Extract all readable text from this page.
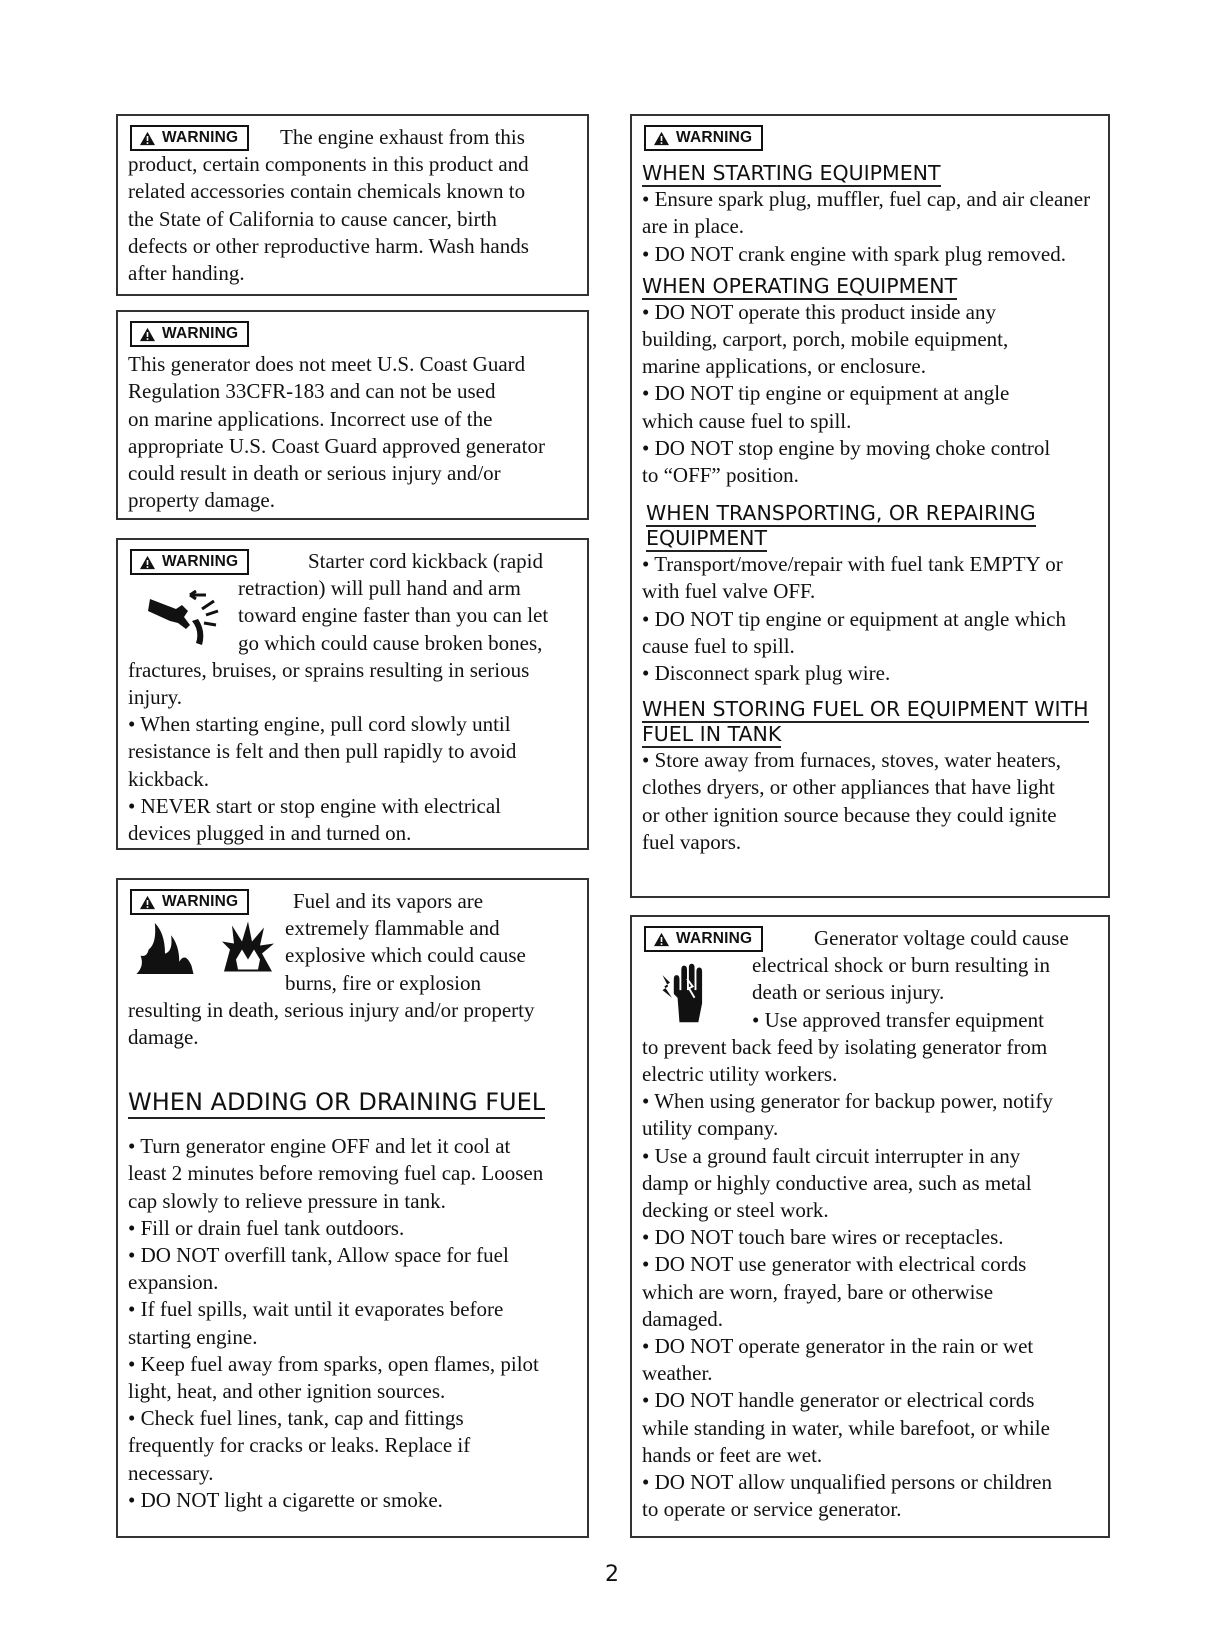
WARNING The engine exhaust from this
product, certain components in this product and
related accessories contain chemicals known to
the State of California to cause cancer, birth
defects or other reproductive harm. Wash hands
after handing.
WARNING
This generator does not meet U.S. Coast Guard
Regulation 33CFR-183 and can not be used
on marine applications. Incorrect use of the
appropriate U.S. Coast Guard approved generator
could result in death or serious injury and/or
property damage.
WARNING	Starter cord kickback (rapid
retraction) will pull hand and arm
toward engine faster than you can let
go which could cause broken bones,
fractures, bruises, or sprains resulting in serious
injury.
• When starting engine, pull cord slowly until
resistance is felt and then pull rapidly to avoid
kickback.
• NEVER start or stop engine with electrical
devices plugged in and turned on.
WARNING	Fuel and its vapors are
extremely flammable and
explosive which could cause
burns, fire or explosion
resulting in death, serious injury and/or property
damage.
WHEN ADDING OR DRAINING FUEL
• Turn generator engine OFF and let it cool at
least 2 minutes before removing fuel cap. Loosen
cap slowly to relieve pressure in tank.
• Fill or drain fuel tank outdoors.
• DO NOT overfill tank, Allow space for fuel
expansion.
• If fuel spills, wait until it evaporates before
starting engine.
• Keep fuel away from sparks, open flames, pilot
light, heat, and other ignition sources.
• Check fuel lines, tank, cap and fittings
frequently for cracks or leaks. Replace if
necessary.
• DO NOT light a cigarette or smoke.
WARNING
WHEN STARTING EQUIPMENT
• Ensure spark plug, muffler, fuel cap, and air cleaner
are in place.
• DO NOT crank engine with spark plug removed.
WHEN OPERATING EQUIPMENT
• DO NOT operate this product inside any
building, carport, porch, mobile equipment,
marine applications, or enclosure.
• DO NOT tip engine or equipment at angle
which cause fuel to spill.
• DO NOT stop engine by moving choke control
to “OFF” position.
WHEN TRANSPORTING, OR REPAIRING
EQUIPMENT
• Transport/move/repair with fuel tank EMPTY or
with fuel valve OFF.
• DO NOT tip engine or equipment at angle which
cause fuel to spill.
• Disconnect spark plug wire.
WHEN STORING FUEL OR EQUIPMENT WITH
FUEL IN TANK
• Store away from furnaces, stoves, water heaters,
clothes dryers, or other appliances that have light
or other ignition source because they could ignite
fuel vapors.
WARNING	Generator voltage could cause
electrical shock or burn resulting in
death or serious injury.
• Use approved transfer equipment
to prevent back feed by isolating generator from
electric utility workers.
• When using generator for backup power, notify
utility company.
• Use a ground fault circuit interrupter in any
damp or highly conductive area, such as metal
decking or steel work.
• DO NOT touch bare wires or receptacles.
• DO NOT use generator with electrical cords
which are worn, frayed, bare or otherwise
damaged.
• DO NOT operate generator in the rain or wet
weather.
• DO NOT handle generator or electrical cords
while standing in water, while barefoot, or while
hands or feet are wet.
• DO NOT allow unqualified persons or children
to operate or service generator.
2
